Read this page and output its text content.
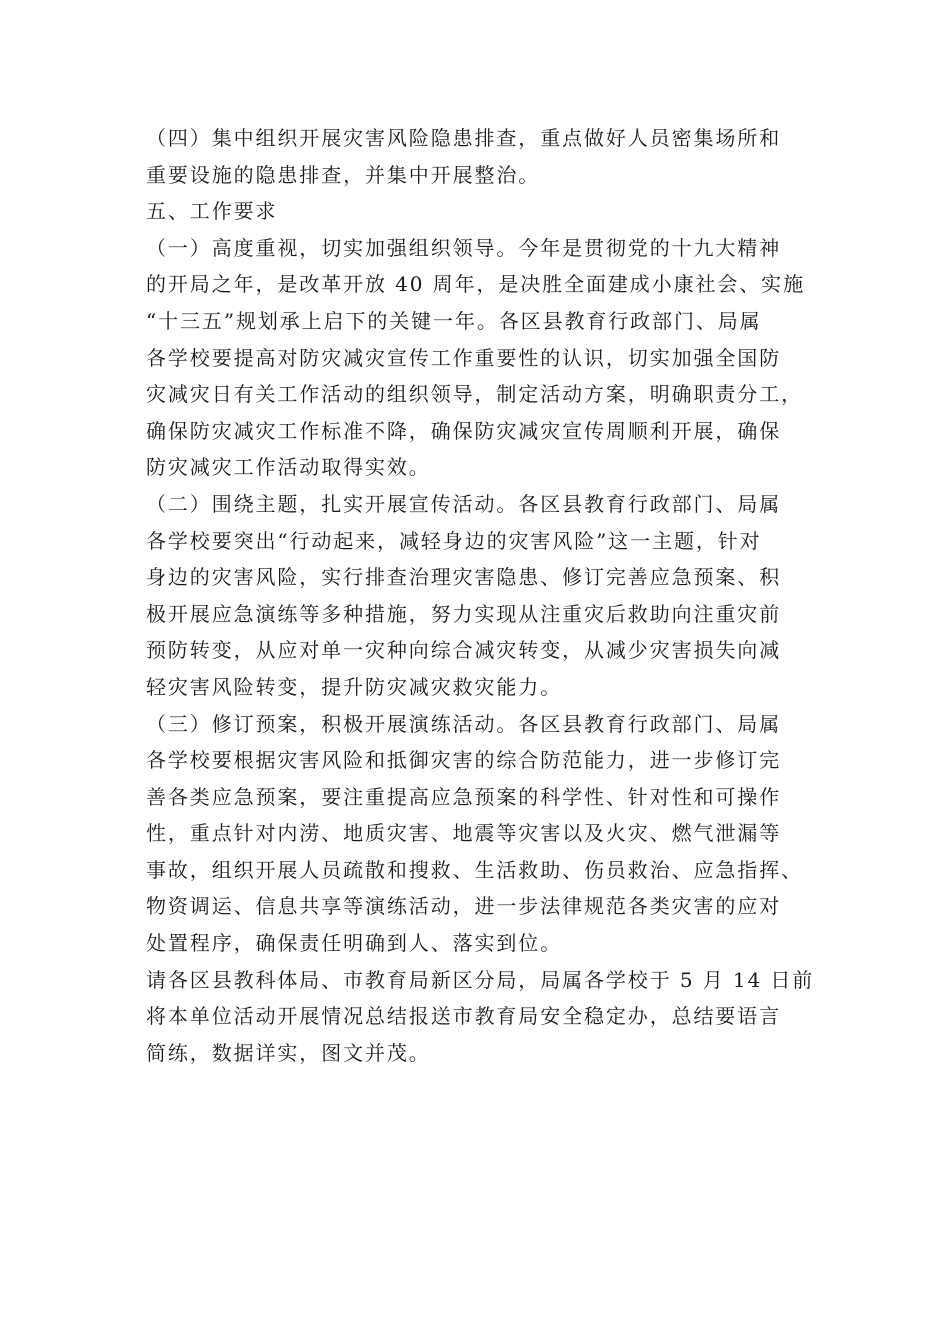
（四）集中组织开展灾害风险隐患排查，重点做好人员密集场所和
重要设施的隐患排查，并集中开展整治。
五、工作要求
（一）高度重视，切实加强组织领导。今年是贯彻党的十九大精神
的开局之年，是改革开放 40 周年，是决胜全面建成小康社会、实施
“十三五”规划承上启下的关键一年。各区县教育行政部门、局属
各学校要提高对防灾减灾宣传工作重要性的认识，切实加强全国防
灾减灾日有关工作活动的组织领导，制定活动方案，明确职责分工，
确保防灾减灾工作标准不降，确保防灾减灾宣传周顺利开展，确保
防灾减灾工作活动取得实效。
（二）围绕主题，扎实开展宣传活动。各区县教育行政部门、局属
各学校要突出“行动起来，减轻身边的灾害风险”这一主题，针对
身边的灾害风险，实行排查治理灾害隐患、修订完善应急预案、积
极开展应急演练等多种措施，努力实现从注重灾后救助向注重灾前
预防转变，从应对单一灾种向综合减灾转变，从减少灾害损失向减
轻灾害风险转变，提升防灾减灾救灾能力。
（三）修订预案，积极开展演练活动。各区县教育行政部门、局属
各学校要根据灾害风险和抵御灾害的综合防范能力，进一步修订完
善各类应急预案，要注重提高应急预案的科学性、针对性和可操作
性，重点针对内涝、地质灾害、地震等灾害以及火灾、燃气泄漏等
事故，组织开展人员疏散和搜救、生活救助、伤员救治、应急指挥、
物资调运、信息共享等演练活动，进一步法律规范各类灾害的应对
处置程序，确保责任明确到人、落实到位。
请各区县教科体局、市教育局新区分局，局属各学校于 5 月 14 日前
将本单位活动开展情况总结报送市教育局安全稳定办，总结要语言
简练，数据详实，图文并茂。
